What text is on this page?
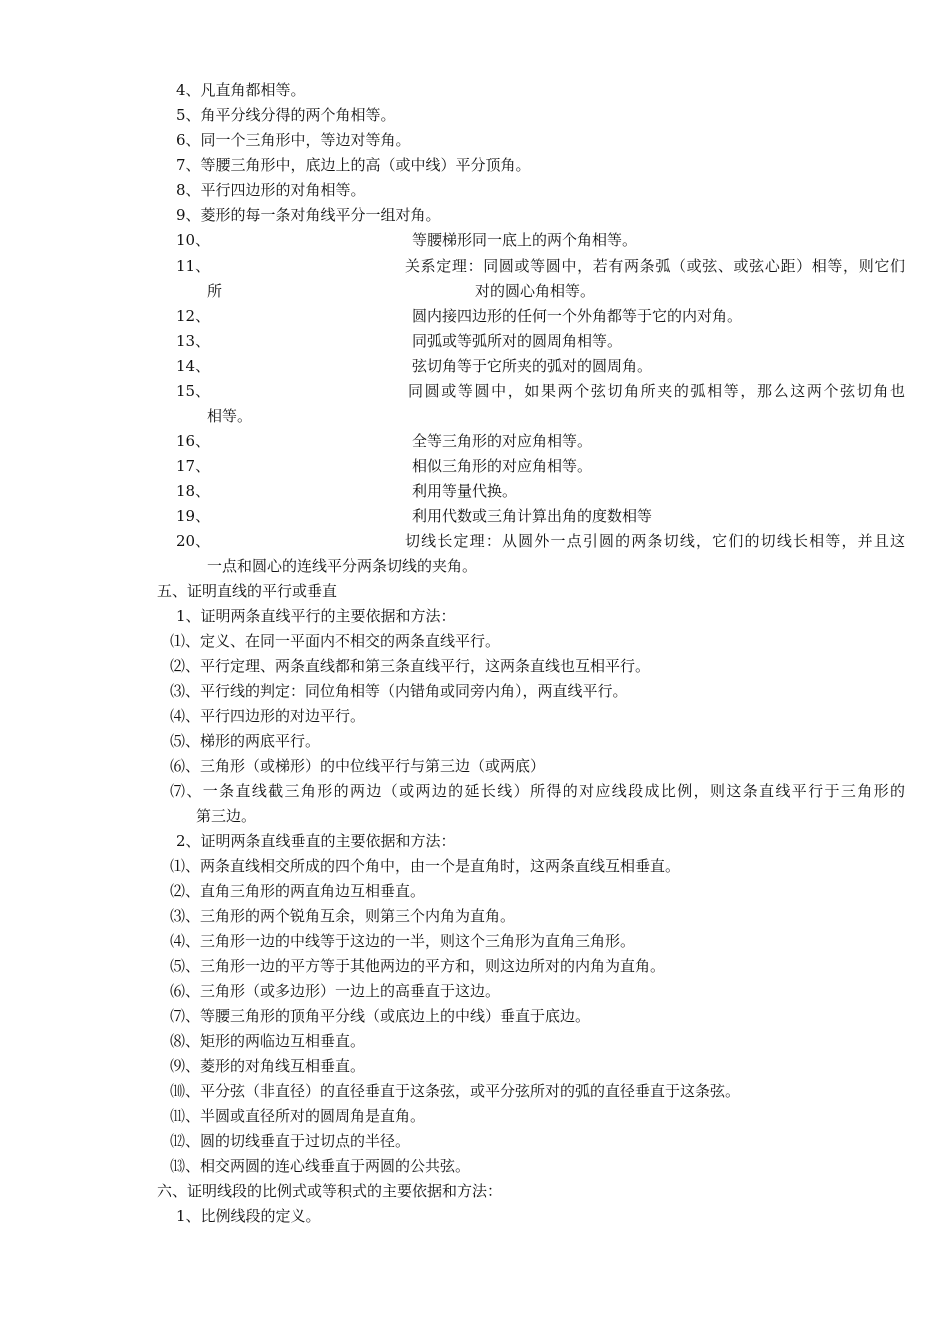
4、凡直角都相等。
5、角平分线分得的两个角相等。
6、同一个三角形中，等边对等角。
7、等腰三角形中，底边上的高（或中线）平分顶角。
8、平行四边形的对角相等。
9、菱形的每一条对角线平分一组对角。
10、	等腰梯形同一底上的两个角相等。
11、	关系定理：同圆或等圆中，若有两条弧（或弦、或弦心距）相等，则它们
所	对的圆心角相等。
12、	圆内接四边形的任何一个外角都等于它的内对角。
13、	同弧或等弧所对的圆周角相等。
14、	弦切角等于它所夹的弧对的圆周角。
15、	同圆或等圆中，如果两个弦切角所夹的弧相等，那么这两个弦切角也
相等。
16、	全等三角形的对应角相等。
17、	相似三角形的对应角相等。
18、	利用等量代换。
19、	利用代数或三角计算出角的度数相等
20、	切线长定理：从圆外一点引圆的两条切线，它们的切线长相等，并且这
一点和圆心的连线平分两条切线的夹角。
五、证明直线的平行或垂直
1、证明两条直线平行的主要依据和方法：
⑴、定义、在同一平面内不相交的两条直线平行。
⑵、平行定理、两条直线都和第三条直线平行，这两条直线也互相平行。
⑶、平行线的判定：同位角相等（内错角或同旁内角），两直线平行。
⑷、平行四边形的对边平行。
⑸、梯形的两底平行。
⑹、三角形（或梯形）的中位线平行与第三边（或两底）
⑺、一条直线截三角形的两边（或两边的延长线）所得的对应线段成比例，则这条直线平行于三角形的
第三边。
2、证明两条直线垂直的主要依据和方法：
⑴、两条直线相交所成的四个角中，由一个是直角时，这两条直线互相垂直。
⑵、直角三角形的两直角边互相垂直。
⑶、三角形的两个锐角互余，则第三个内角为直角。
⑷、三角形一边的中线等于这边的一半，则这个三角形为直角三角形。
⑸、三角形一边的平方等于其他两边的平方和，则这边所对的内角为直角。
⑹、三角形（或多边形）一边上的高垂直于这边。
⑺、等腰三角形的顶角平分线（或底边上的中线）垂直于底边。
⑻、矩形的两临边互相垂直。
⑼、菱形的对角线互相垂直。
⑽、平分弦（非直径）的直径垂直于这条弦，或平分弦所对的弧的直径垂直于这条弦。
⑾、半圆或直径所对的圆周角是直角。
⑿、圆的切线垂直于过切点的半径。
⒀、相交两圆的连心线垂直于两圆的公共弦。
六、证明线段的比例式或等积式的主要依据和方法：
1、比例线段的定义。
